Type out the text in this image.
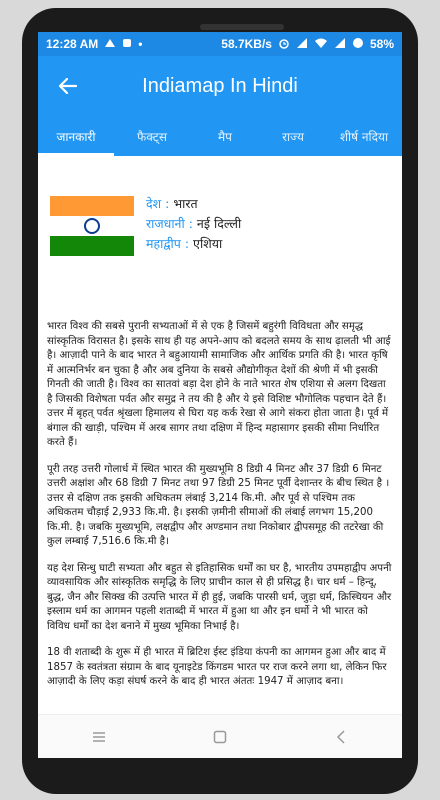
12:28 AM	•	58.7KB/s	58%
Indiamap In Hindi
जानकारी	फैक्ट्स	मैप	राज्य	शीर्ष नदिया
देश : भारत
राजधानी : नई दिल्ली
महाद्वीप : एशिया

भारत विश्व की सबसे पुरानी सभ्यताओं में से एक है जिसमें बहुरंगी विविधता और समृद्ध सांस्कृतिक विरासत है। इसके साथ ही यह अपने-आप को बदलते समय के साथ ढ़ालती भी आई है। आज़ादी पाने के बाद भारत ने बहुआयामी सामाजिक और आर्थिक प्रगति की है। भारत कृषि में आत्मनिर्भर बन चुका है और अब दुनिया के सबसे औद्योगीकृत देशों की श्रेणी में भी इसकी गिनती की जाती है। विश्व का सातवां बड़ा देश होने के नाते भारत शेष एशिया से अलग दिखता है जिसकी विशेषता पर्वत और समुद्र ने तय की है और ये इसे विशिष्ट भौगोलिक पहचान देते हैं। उत्तर में बृहत् पर्वत श्रृंखला हिमालय से घिरा यह कर्क रेखा से आगे संकरा होता जाता है। पूर्व में बंगाल की खाड़ी, पश्चिम में अरब सागर तथा दक्षिण में हिन्द महासागर इसकी सीमा निर्धारित करते हैं।

पूरी तरह उत्तरी गोलार्ध में स्थित भारत की मुख्यभूमि 8 डिग्री 4 मिनट और 37 डिग्री 6 मिनट उत्तरी अक्षांश और 68 डिग्री 7 मिनट तथा 97 डिग्री 25 मिनट पूर्वी देशान्तर के बीच स्थित है । उत्तर से दक्षिण तक इसकी अधिकतम लंबाई 3,214 कि.मी. और पूर्व से पश्चिम तक अधिकतम चौड़ाई 2,933 कि.मी. है। इसकी ज़मीनी सीमाओं की लंबाई लगभग 15,200 कि.मी. है। जबकि मुख्यभूमि, लक्षद्वीप और अण्डमान तथा निकोबार द्वीपसमूह की तटरेखा की कुल लम्बाई 7,516.6 कि.मी है।

यह देश सिन्धु घाटी सभ्यता और बहुत से इतिहासिक धर्मों का घर है, भारतीय उपमहाद्वीप अपनी व्यावसायिक और सांस्कृतिक समृद्धि के लिए प्राचीन काल से ही प्रसिद्ध है। चार धर्म – हिन्दू, बुद्ध, जैन और सिक्ख की उत्पत्ति भारत में ही हुई, जबकि पारसी धर्म, जुड़ा धर्म, क्रिस्चियन और इस्लाम धर्म का आगमन पहली शताब्दी में भारत में हुआ था और इन धर्मो ने भी भारत को विविध धर्मों का देश बनाने में मुख्य भूमिका निभाई है।

18 वी शताब्दी के शुरू में ही भारत में ब्रिटिश ईस्ट इंडिया कंपनी का आगमन हुआ और बाद में 1857 के स्वतंत्रता संग्राम के बाद यूनाइटेड किंगडम भारत पर राज करने लगा था, लेकिन फिर आज़ादी के लिए कड़ा संघर्ष करने के बाद ही भारत अंततः 1947 में आज़ाद बना।
